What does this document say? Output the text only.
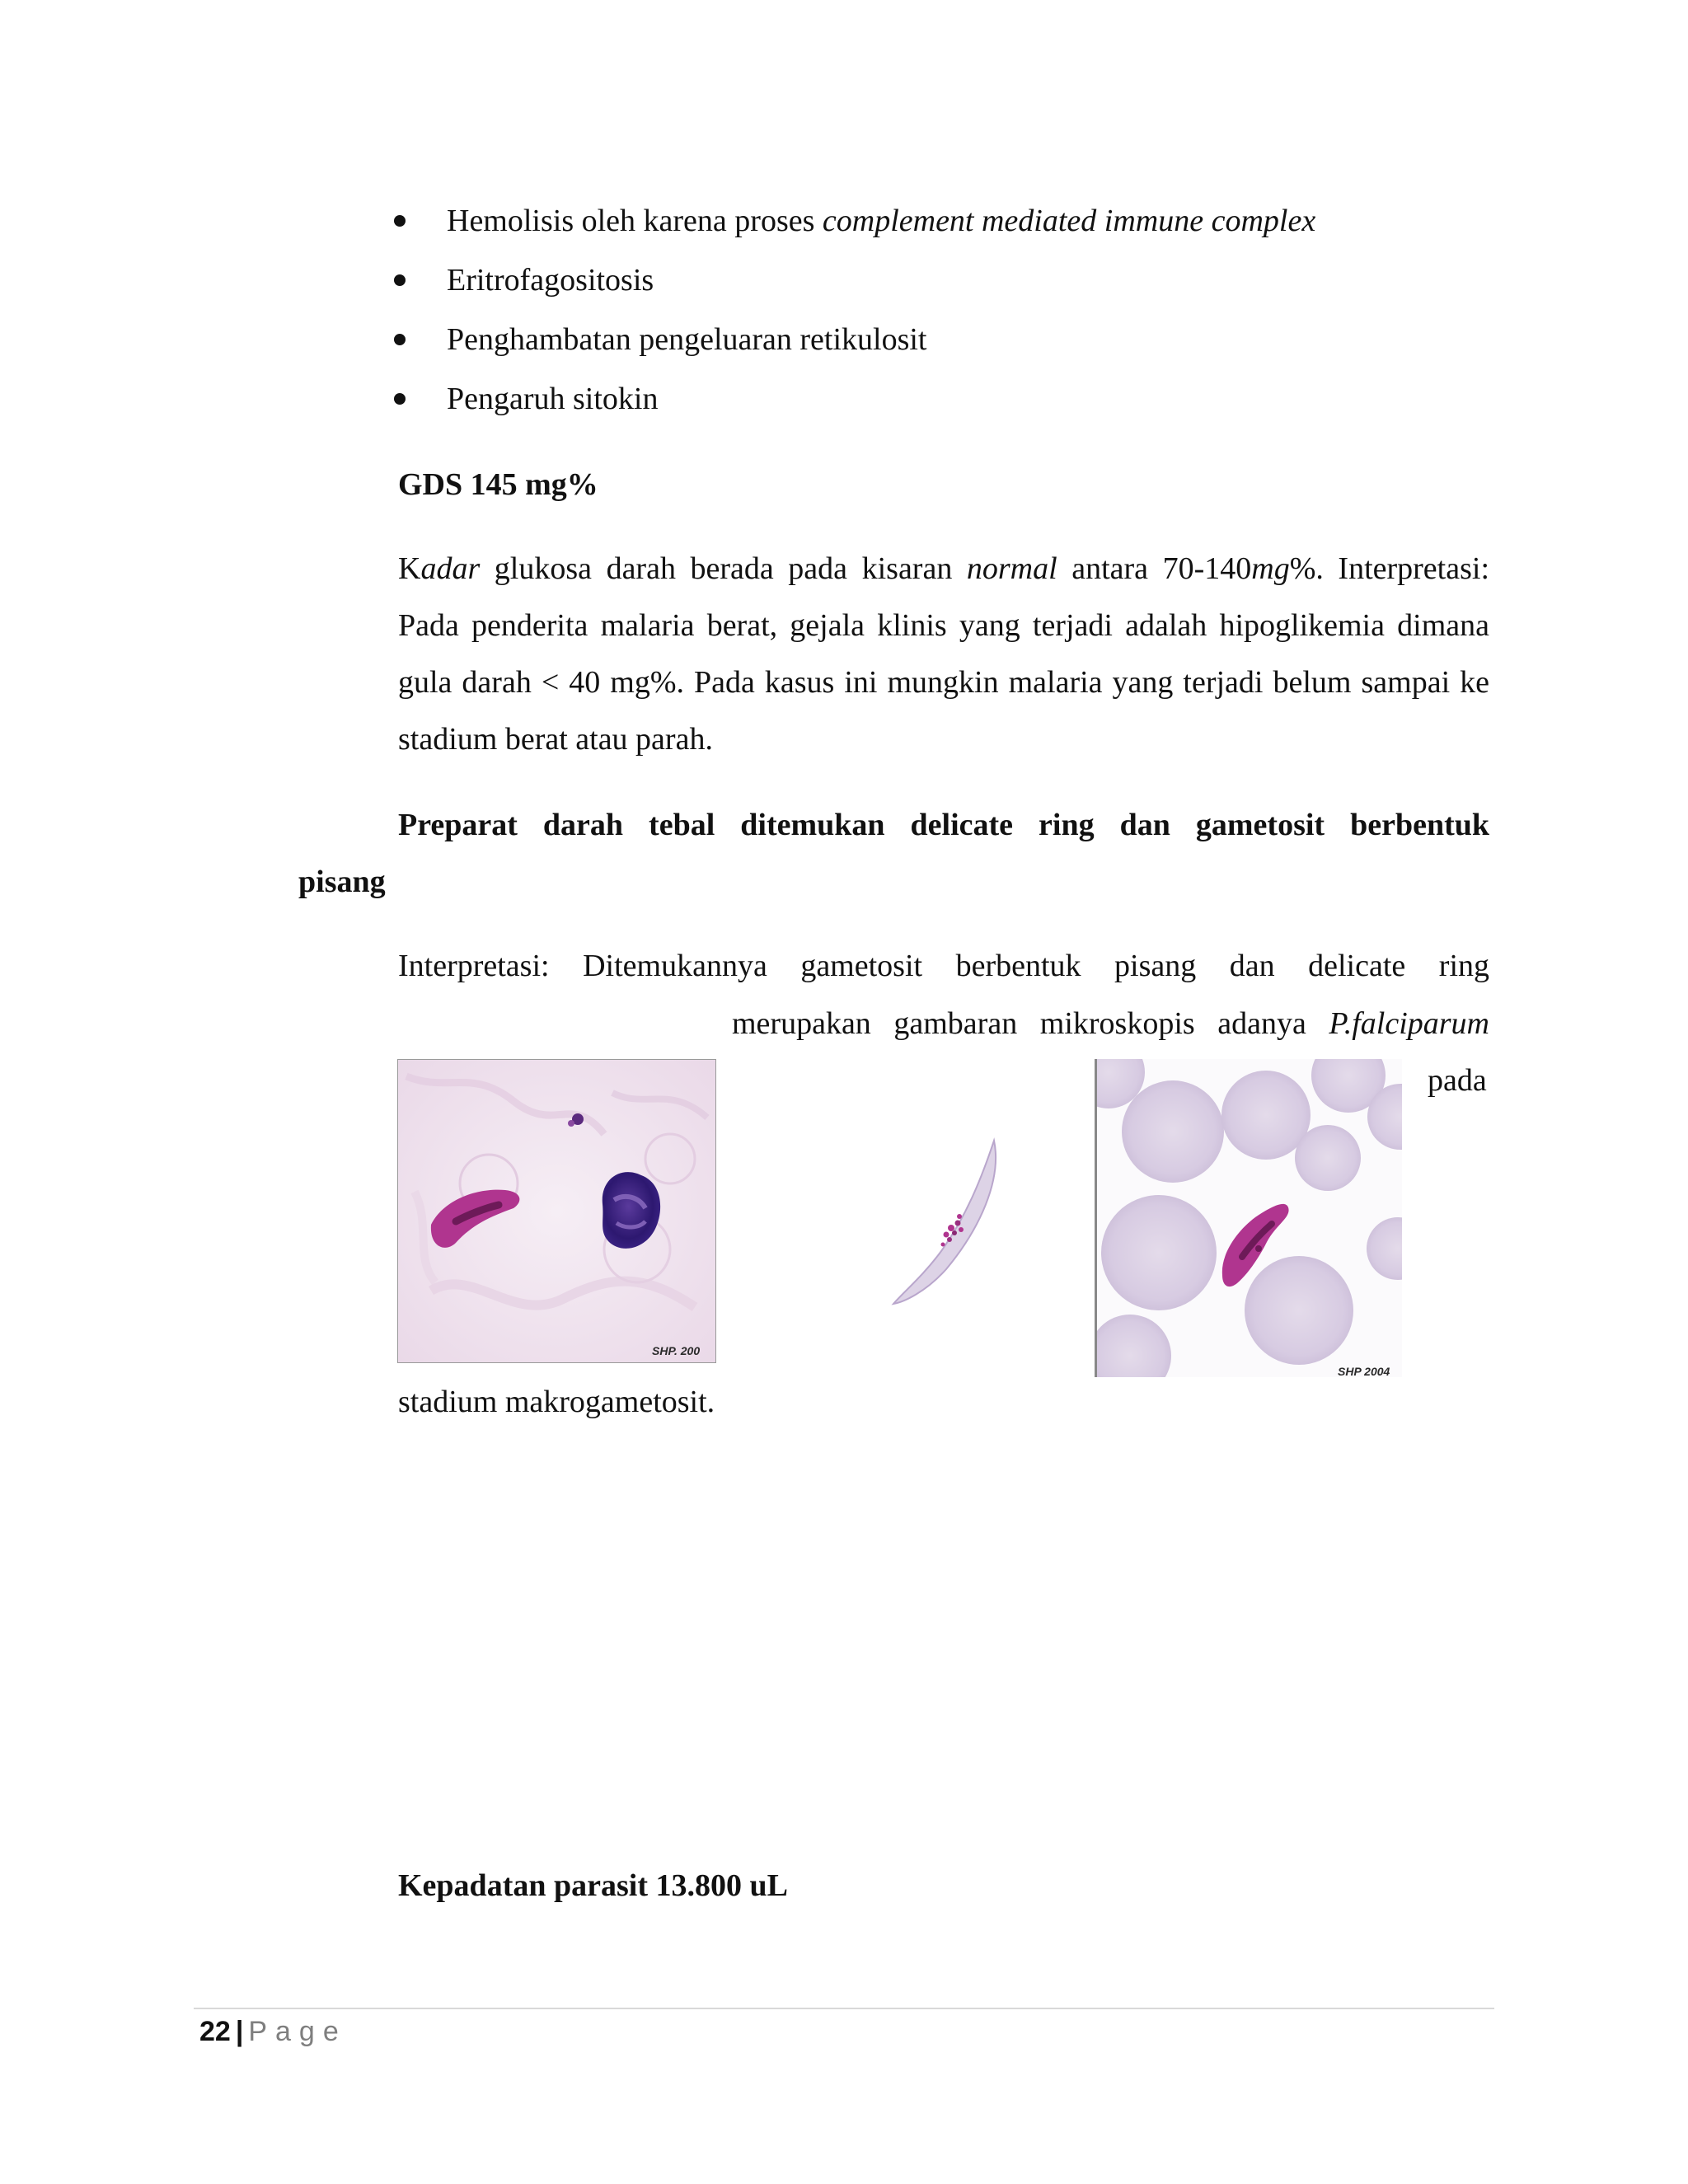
Hemolisis oleh karena proses complement mediated immune complex
Eritrofagositosis
Penghambatan pengeluaran retikulosit
Pengaruh sitokin
GDS 145 mg%
Kadar glukosa darah berada pada kisaran normal antara 70-140mg%. Interpretasi: Pada penderita malaria berat, gejala klinis yang terjadi adalah hipoglikemia dimana gula darah < 40 mg%. Pada kasus ini mungkin malaria yang terjadi belum sampai ke stadium berat atau parah.
Preparat darah tebal ditemukan delicate ring dan gametosit berbentuk
pisang
Interpretasi: Ditemukannya gametosit berbentuk pisang dan delicate ring
merupakan gambaran mikroskopis adanya P.falciparum
pada
SHP. 200
SHP 2004
stadium makrogametosit.
Kepadatan parasit 13.800 uL
22 | Page
